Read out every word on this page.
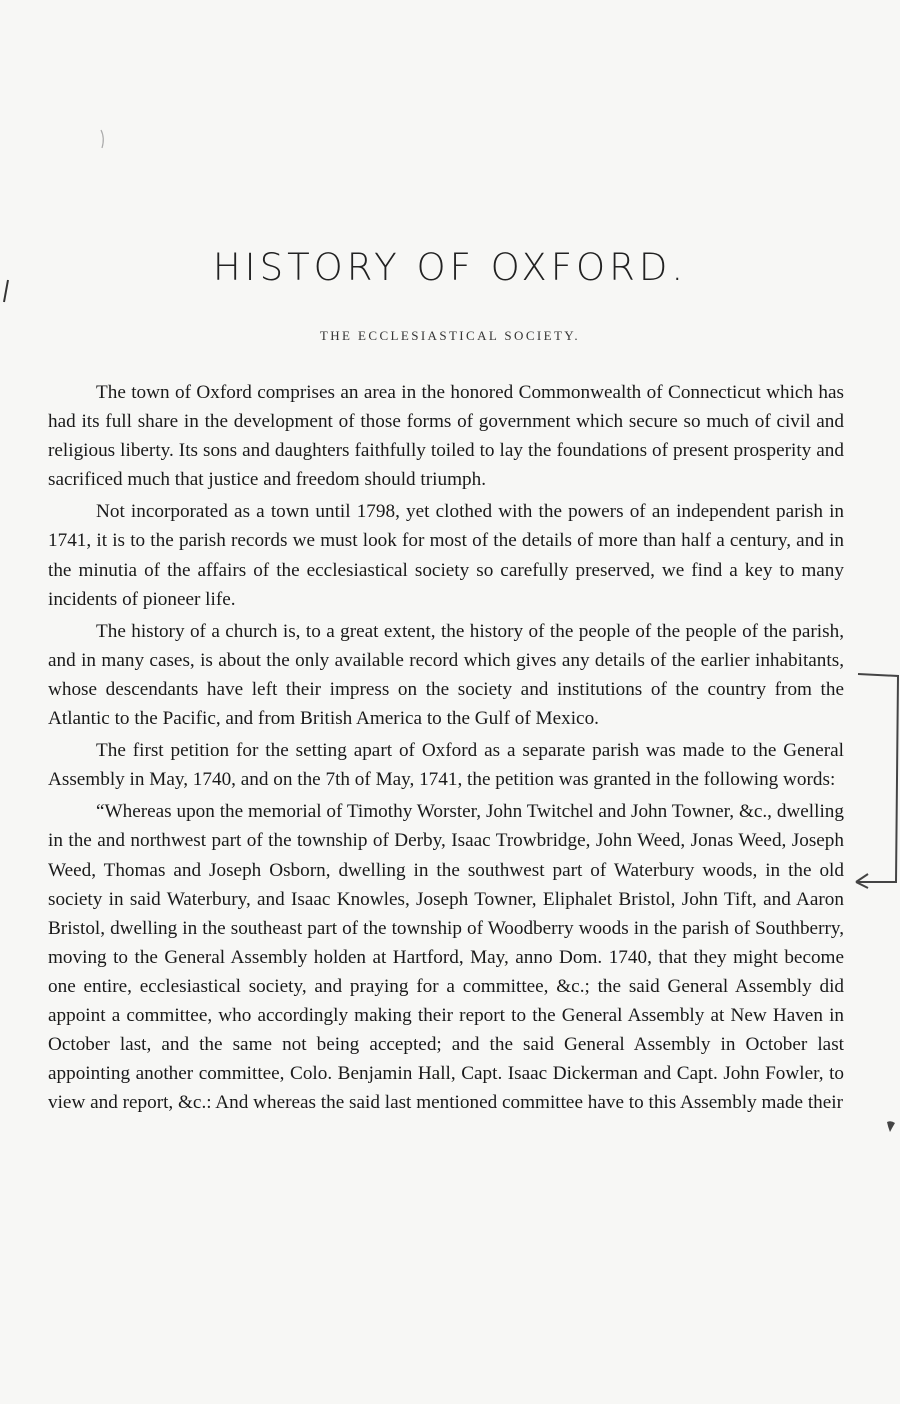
HISTORY OF OXFORD.
THE ECCLESIASTICAL SOCIETY.

The town of Oxford comprises an area in the honored Commonwealth of Connecticut which has had its full share in the development of those forms of government which secure so much of civil and religious liberty. Its sons and daughters faithfully toiled to lay the foundations of present prosperity and sacrificed much that justice and freedom should triumph.

Not incorporated as a town until 1798, yet clothed with the powers of an independent parish in 1741, it is to the parish records we must look for most of the details of more than half a century, and in the minutia of the affairs of the ecclesiastical society so carefully preserved, we find a key to many incidents of pioneer life.

The history of a church is, to a great extent, the history of the people of the people of the parish, and in many cases, is about the only available record which gives any details of the earlier inhabitants, whose descendants have left their impress on the society and institutions of the country from the Atlantic to the Pacific, and from British America to the Gulf of Mexico.

The first petition for the setting apart of Oxford as a separate parish was made to the General Assembly in May, 1740, and on the 7th of May, 1741, the petition was granted in the following words:

“Whereas upon the memorial of Timothy Worster, John Twitchel and John Towner, &c., dwelling in the and northwest part of the township of Derby, Isaac Trowbridge, John Weed, Jonas Weed, Joseph Weed, Thomas and Joseph Osborn, dwelling in the southwest part of Waterbury woods, in the old society in said Waterbury, and Isaac Knowles, Joseph Towner, Eliphalet Bristol, John Tift, and Aaron Bristol, dwelling in the southeast part of the township of Woodberry woods in the parish of Southberry, moving to the General Assembly holden at Hartford, May, anno Dom. 1740, that they might become one entire, ecclesiastical society, and praying for a committee, &c.; the said General Assembly did appoint a committee, who accordingly making their report to the General Assembly at New Haven in October last, and the same not being accepted; and the said General Assembly in October last appointing another committee, Colo. Benjamin Hall, Capt. Isaac Dickerman and Capt. John Fowler, to view and report, &c.: And whereas the said last mentioned committee have to this Assembly made their
